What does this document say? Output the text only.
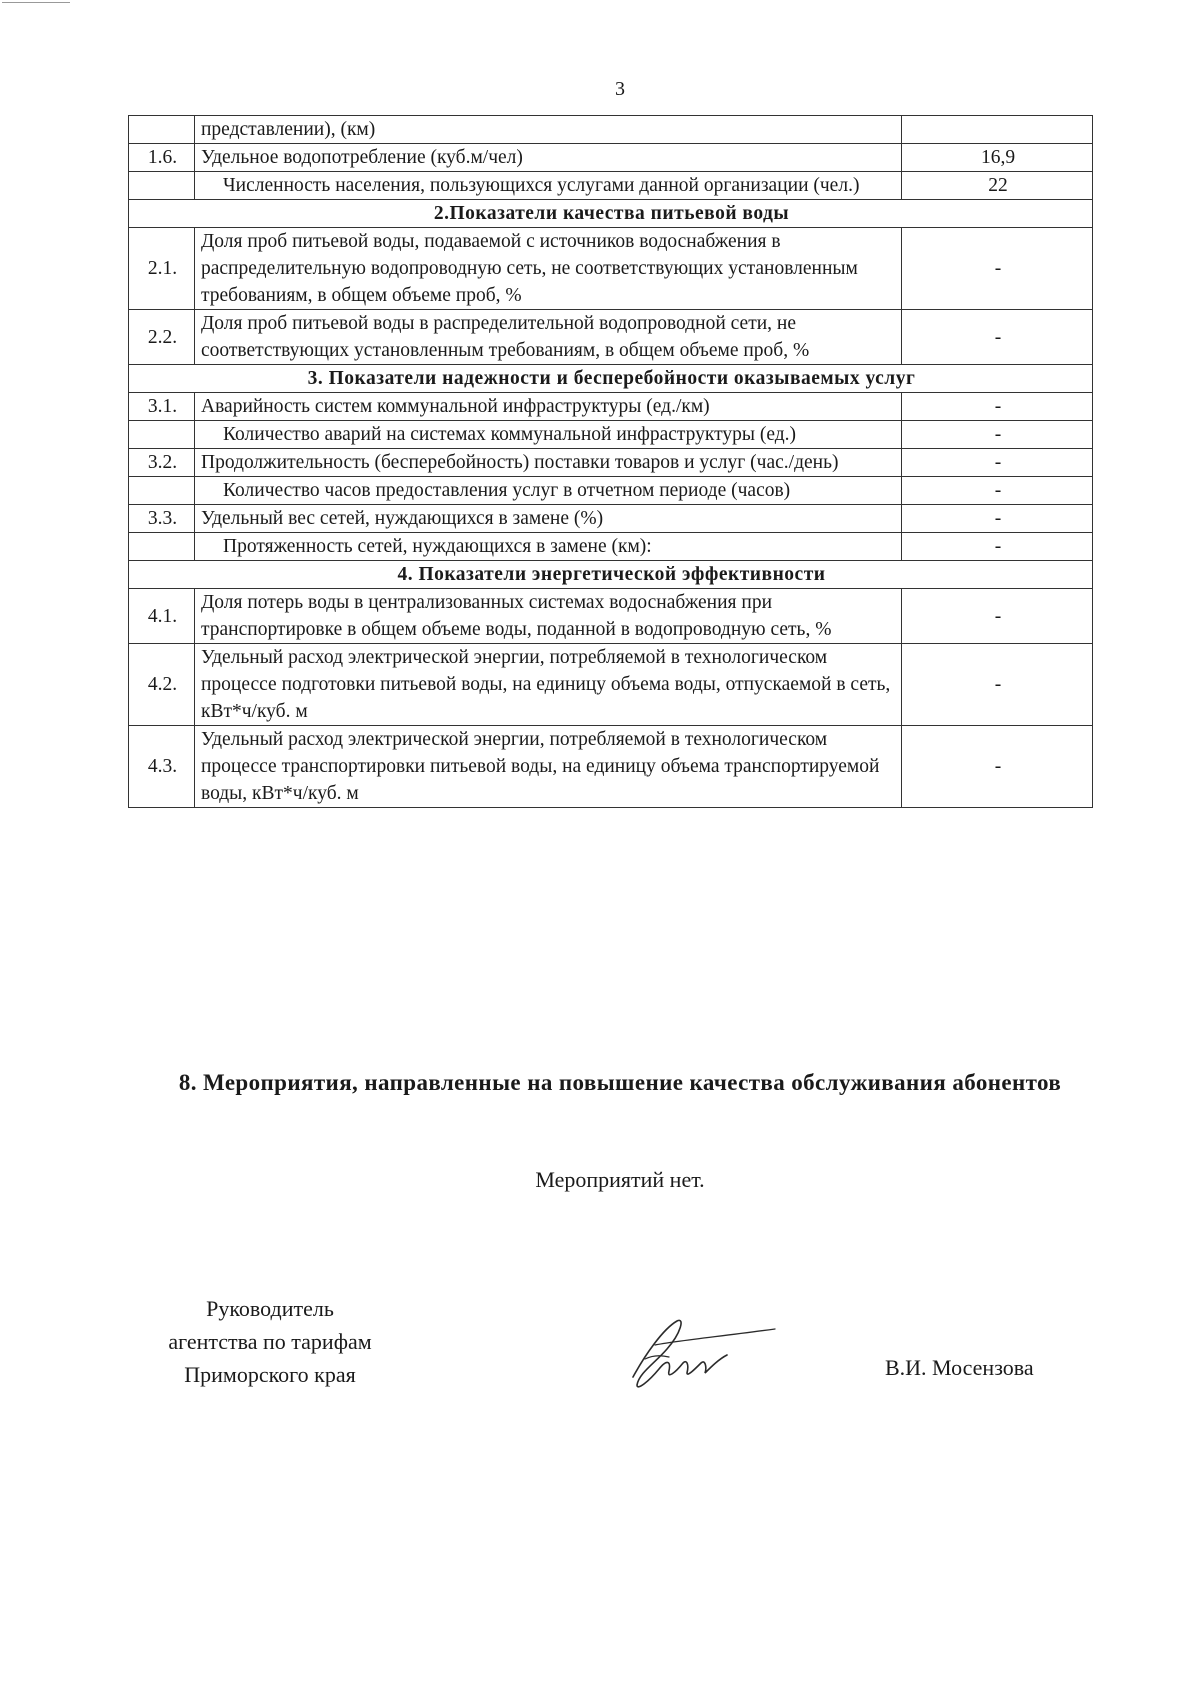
3
	представлении), (км)	
1.6.	Удельное водопотребление (куб.м/чел)	16,9
	Численность населения, пользующихся услугами данной организации (чел.)	22
2.Показатели качества питьевой воды		
2.1.	Доля проб питьевой воды, подаваемой с источников водоснабжения в распределительную водопроводную сеть, не соответствующих установленным требованиям, в общем объеме проб, %	-
2.2.	Доля проб питьевой воды в распределительной водопроводной сети, не соответствующих установленным требованиям, в общем объеме проб, %	-
3. Показатели надежности и бесперебойности оказываемых услуг		
3.1.	Аварийность систем коммунальной инфраструктуры (ед./км)	-
	Количество аварий на системах коммунальной инфраструктуры (ед.)	-
3.2.	Продолжительность (бесперебойность) поставки товаров и услуг (час./день)	-
	Количество часов предоставления услуг в отчетном периоде (часов)	-
3.3.	Удельный вес сетей, нуждающихся в замене (%)	-
	Протяженность сетей, нуждающихся в замене (км):	-
4. Показатели энергетической эффективности		
4.1.	Доля потерь воды в централизованных системах водоснабжения при транспортировке в общем объеме воды, поданной в водопроводную сеть, %	-
4.2.	Удельный расход электрической энергии, потребляемой в технологическом процессе подготовки питьевой воды, на единицу объема воды, отпускаемой в сеть, кВт*ч/куб. м	-
4.3.	Удельный расход электрической энергии, потребляемой в технологическом процессе транспортировки питьевой воды, на единицу объема транспортируемой воды, кВт*ч/куб. м	-
8. Мероприятия, направленные на повышение качества обслуживания абонентов
Мероприятий нет.
Руководитель
агентства по тарифам
Приморского края	В.И. Мосензова
